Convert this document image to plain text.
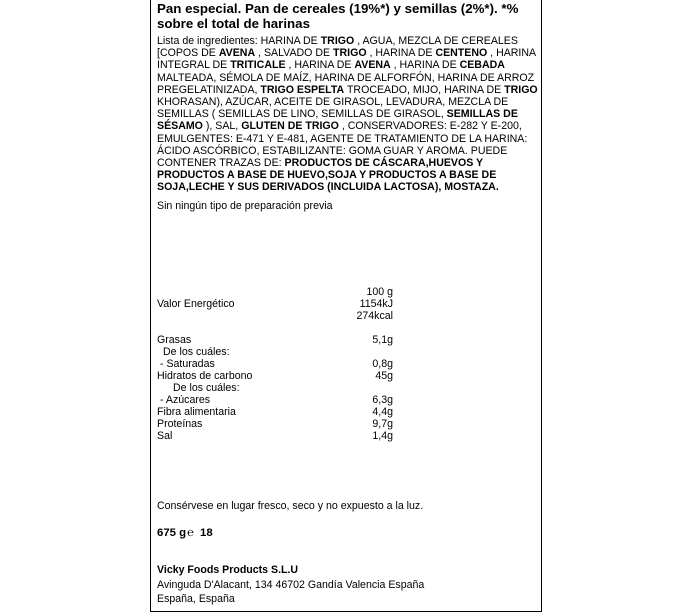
Pan especial. Pan de cereales (19%*) y semillas (2%*). *% sobre el total de harinas
Lista de ingredientes: HARINA DE TRIGO , AGUA, MEZCLA DE CEREALES [COPOS DE AVENA , SALVADO DE TRIGO , HARINA DE CENTENO , HARINA INTEGRAL DE TRITICALE , HARINA DE AVENA , HARINA DE CEBADA MALTEADA, SÉMOLA DE MAÍZ, HARINA DE ALFORFÓN, HARINA DE ARROZ PREGELATINIZADA, TRIGO ESPELTA TROCEADO, MIJO, HARINA DE TRIGO KHORASAN), AZÚCAR, ACEITE DE GIRASOL, LEVADURA, MEZCLA DE SEMILLAS ( SEMILLAS DE LINO, SEMILLAS DE GIRASOL, SEMILLAS DE SÉSAMO ), SAL, GLUTEN DE TRIGO , CONSERVADORES: E-282 Y E-200, EMULGENTES: E-471 Y E-481, AGENTE DE TRATAMIENTO DE LA HARINA: ÁCIDO ASCÓRBICO, ESTABILIZANTE: GOMA GUAR Y AROMA. PUEDE CONTENER TRAZAS DE: PRODUCTOS DE CÁSCARA,HUEVOS Y PRODUCTOS A BASE DE HUEVO,SOJA Y PRODUCTOS A BASE DE SOJA,LECHE Y SUS DERIVADOS (INCLUIDA LACTOSA), MOSTAZA.
Sin ningún tipo de preparación previa
100 g
Valor Energético	1154kJ
274kcal
Grasas	5,1g
De los cuáles:
- Saturadas	0,8g
Hidratos de carbono	45g
De los cuáles:
- Azúcares	6,3g
Fibra alimentaria	4,4g
Proteínas	9,7g
Sal	1,4g
Consérvese en lugar fresco, seco y no expuesto a la luz.
675 g℮ 18
Vicky Foods Products S.L.U
Avinguda D'Alacant, 134 46702 Gandía Valencia España
España, España
